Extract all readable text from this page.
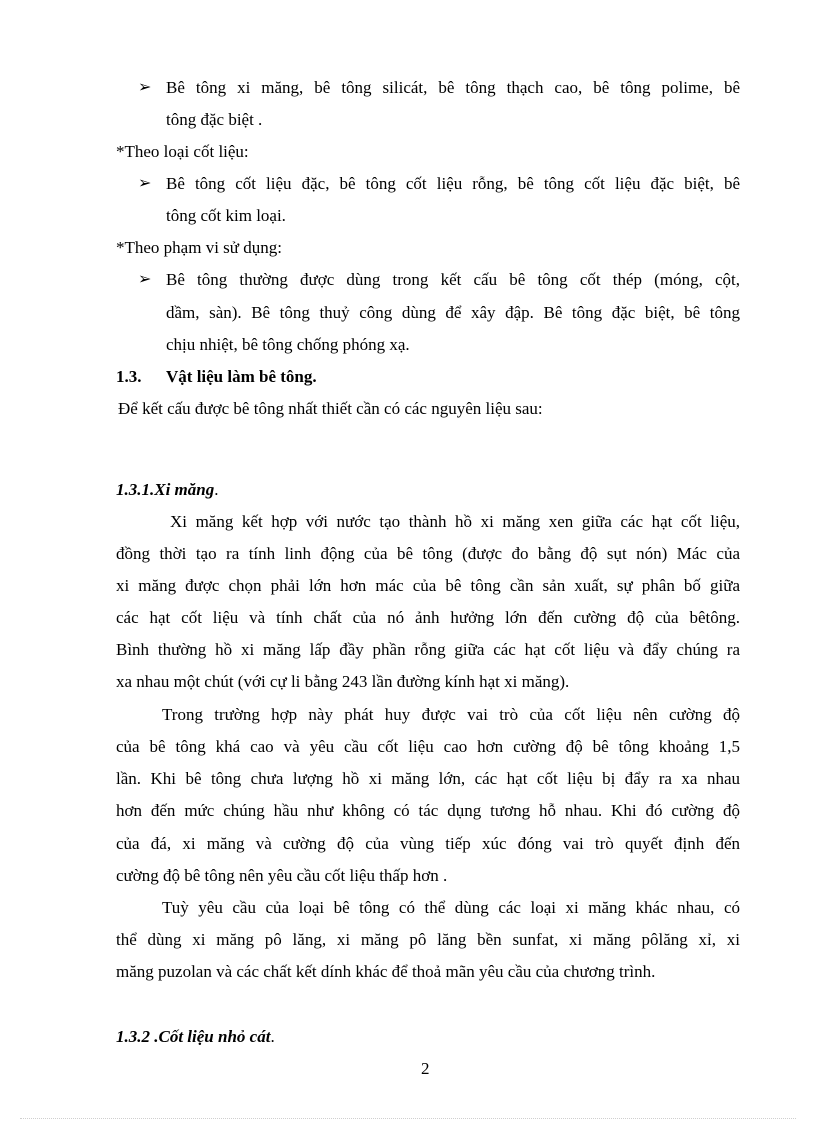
➢ Bê tông xi măng, bê tông silicát, bê tông thạch cao, bê tông polime, bê
tông đặc biệt .
*Theo loại cốt liệu:
➢ Bê tông cốt liệu đặc, bê tông cốt liệu rỗng, bê tông cốt liệu đặc biệt, bê
tông cốt kim loại.
*Theo phạm vi sử dụng:
➢ Bê tông thường được dùng trong kết cấu bê tông cốt thép (móng, cột,
dầm, sàn). Bê tông thuỷ công dùng để xây đập. Bê tông đặc biệt, bê tông
chịu nhiệt, bê tông chống phóng xạ.
1.3. Vật liệu làm bê tông.
Để kết cấu được bê tông nhất thiết cần có các nguyên liệu sau:
1.3.1.Xi măng.
Xi măng kết hợp với nước tạo thành hồ xi măng xen giữa các hạt cốt liệu,
đồng thời tạo ra tính linh động của bê tông (được đo bằng độ sụt nón) Mác của
xi măng được chọn phải lớn hơn mác của bê tông cần sản xuất, sự phân bố giữa
các hạt cốt liệu và tính chất của nó ảnh hưởng lớn đến cường độ của bêtông.
Bình thường hồ xi măng lấp đầy phần rỗng giữa các hạt cốt liệu và đẩy chúng ra
xa nhau một chút (với cự li bằng 243 lần đường kính hạt xi măng).
Trong trường hợp này phát huy được vai trò của cốt liệu nên cường độ
của bê tông khá cao và yêu cầu cốt liệu cao hơn cường độ bê tông khoảng 1,5
lần. Khi bê tông chưa lượng hồ xi măng lớn, các hạt cốt liệu bị đẩy ra xa nhau
hơn đến mức chúng hầu như không có tác dụng tương hỗ nhau. Khi đó cường độ
của đá, xi măng và cường độ của vùng tiếp xúc đóng vai trò quyết định đến
cường độ bê tông nên yêu cầu cốt liệu thấp hơn .
Tuỳ yêu cầu của loại bê tông có thể dùng các loại xi măng khác nhau, có
thể dùng xi măng pô lăng, xi măng pô lăng bền sunfat, xi măng pôlăng xỉ, xi
măng puzolan và các chất kết dính khác để thoả mãn yêu cầu của chương trình.
1.3.2 .Cốt liệu nhỏ cát.
2
